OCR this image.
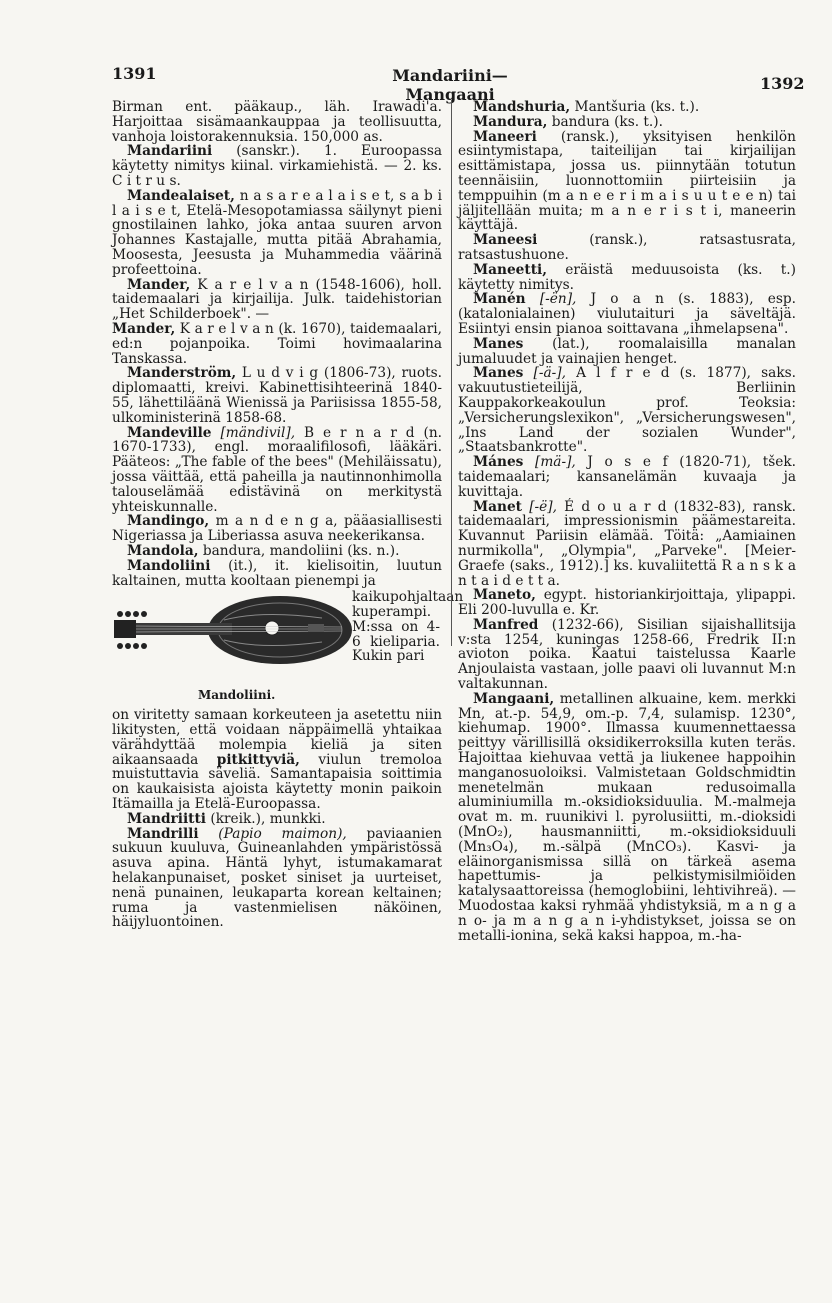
1391	Mandariini—Mangaani
1392

Birman ent. pääkaup., läh. Irawadi'a. Harjoittaa sisämaankauppaa ja teollisuutta, vanhoja loistorakennuksia. 150,000 as.

Mandariini (sanskr.). 1. Euroopassa käytetty nimitys kiinal. virkamiehistä. — 2. ks. C i t r u s.

Mandealaiset, n a s a r e a l a i s e t, s a b i l a i s e t, Etelä-Mesopotamiassa säilynyt pieni gnostilainen lahko, joka antaa suuren arvon Johannes Kastajalle, mutta pitää Abrahamia, Moosesta, Jeesusta ja Muhammedia väärinä profeettoina.

Mander, K a r e l v a n (1548-1606), holl. taidemaalari ja kirjailija. Julk. taidehistorian „Het Schilderboek". —

Mander, K a r e l v a n (k. 1670), taidemaalari, ed:n pojanpoika. Toimi hovimaalarina Tanskassa.

Manderström, L u d v i g (1806-73), ruots. diplomaatti, kreivi. Kabinettisihteerinä 1840-55, lähettiläänä Wienissä ja Pariisissa 1855-58, ulkoministerinä 1858-68.

Mandeville [mändivil], B e r n a r d (n. 1670-1733), engl. moraalifilosofi, lääkäri. Pääteos: „The fable of the bees" (Mehiläissatu), jossa väittää, että paheilla ja nautinnonhimolla talouselämää edistävinä on merkitystä yhteiskunnalle.

Mandingo, m a n d e n g a, pääasiallisesti Nigeriassa ja Liberiassa asuva neekerikansa.

Mandola, bandura, mandoliini (ks. n.).

Mandoliini (it.), it. kielisoitin, luutun kaltainen, mutta kooltaan pienempi ja

Mandoliini.
kaikupohjaltaan kuperampi. M:ssa on 4-6 kieliparia. Kukin pari

on viritetty samaan korkeuteen ja asetettu niin likitysten, että voidaan näppäimellä yhtaikaa värähdyttää molempia kieliä ja siten aikaansaada pitkittyviä, viulun tremoloa muistuttavia säveliä. Samantapaisia soittimia on kaukaisista ajoista käytetty monin paikoin Itämailla ja Etelä-Euroopassa.

Mandriitti (kreik.), munkki.

Mandrilli (Papio maimon), paviaanien sukuun kuuluva, Guineanlahden ympäristössä asuva apina. Häntä lyhyt, istumakamarat helakanpunaiset, posket siniset ja uurteiset, nenä punainen, leukaparta korean keltainen; ruma ja vastenmielisen näköinen, häijyluontoinen.

Mandshuria, Mantšuria (ks. t.).

Mandura, bandura (ks. t.).

Maneeri (ransk.), yksityisen henkilön esiintymistapa, taiteilijan tai kirjailijan esittämistapa, jossa us. piinnytään totutun teennäisiin, luonnottomiin piirteisiin ja temppuihin (m a n e e r i m a i s u u t e e n) tai jäljitellään muita; m a n e r i s t i, maneerin käyttäjä.

Maneesi (ransk.), ratsastusrata, ratsastushuone.

Maneetti, eräistä meduusoista (ks. t.) käytetty nimitys.

Manén [-ën], J o a n (s. 1883), esp. (katalonialainen) viulutaituri ja säveltäjä. Esiintyi ensin pianoa soittavana „ihmelapsena".

Manes (lat.), roomalaisilla manalan jumaluudet ja vainajien henget.

Manes [-ä-], A l f r e d (s. 1877), saks. vakuutustieteilijä, Berliinin Kauppakorkeakoulun prof. Teoksia: „Versicherungslexikon", „Versicherungswesen", „Ins Land der sozialen Wunder", „Staatsbankrotte".

Mánes [mä-], J o s e f (1820-71), tšek. taidemaalari; kansanelämän kuvaaja ja kuvittaja.

Manet [-ë], É d o u a r d (1832-83), ransk. taidemaalari, impressionismin päämestareita. Kuvannut Pariisin elämää. Töitä: „Aamiainen nurmikolla", „Olympia", „Parveke". [Meier-Graefe (saks., 1912).] ks. kuvaliitettä R a n s k a n t a i d e t t a.

Maneto, egypt. historiankirjoittaja, ylipappi. Eli 200-luvulla e. Kr.

Manfred (1232-66), Sisilian sijaishallitsija v:sta 1254, kuningas 1258-66, Fredrik II:n avioton poika. Kaatui taistelussa Kaarle Anjoulaista vastaan, jolle paavi oli luvannut M:n valtakunnan.

Mangaani, metallinen alkuaine, kem. merkki Mn, at.-p. 54,9, om.-p. 7,4, sulamisp. 1230°, kiehumap. 1900°. Ilmassa kuumennettaessa peittyy värillisillä oksidikerroksilla kuten teräs. Hajoittaa kiehuvaa vettä ja liukenee happoihin manganosuoloiksi. Valmistetaan Goldschmidtin menetelmän mukaan redusoimalla aluminiumilla m.-oksidioksiduulia. M.-malmeja ovat m. m. ruunikivi l. pyrolusiitti, m.-dioksidi (MnO₂), hausmanniitti, m.-oksidioksiduuli (Mn₃O₄), m.-sälpä (MnCO₃). Kasvi- ja eläinorganismissa sillä on tärkeä asema hapettumis- ja pelkistymisilmiöiden katalysaattoreissa (hemoglobiini, lehtivihreä). — Muodostaa kaksi ryhmää yhdistyksiä, m a n g a n o- ja m a n g a n i-yhdistykset, joissa se on metalli-ionina, sekä kaksi happoa, m.-ha-
